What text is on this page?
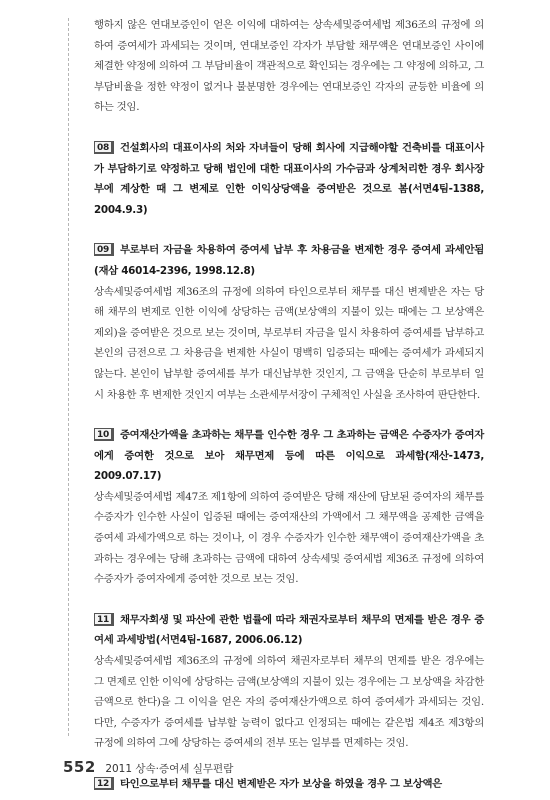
행하지 않은 연대보증인이 얻은 이익에 대하여는 상속세및증여세법 제36조의 규정에 의하여 증여세가 과세되는 것이며, 연대보증인 각자가 부담할 채무액은 연대보증인 사이에 체결한 약정에 의하여 그 부담비율이 객관적으로 확인되는 경우에는 그 약정에 의하고, 그 부담비율을 정한 약정이 없거나 불분명한 경우에는 연대보증인 각자의 균등한 비율에 의하는 것임.

08 건설회사의 대표이사의 처와 자녀들이 당해 회사에 지급해야할 건축비를 대표이사가 부담하기로 약정하고 당해 법인에 대한 대표이사의 가수금과 상계처리한 경우 회사장부에 계상한 때 그 변제로 인한 이익상당액을 증여받은 것으로 봄(서면4팀-1388, 2004.9.3)

09 부로부터 자금을 차용하여 증여세 납부 후 차용금을 변제한 경우 증여세 과세안됨(재삼 46014-2396, 1998.12.8)

상속세및증여세법 제36조의 규정에 의하여 타인으로부터 채무를 대신 변제받은 자는 당해 채무의 변제로 인한 이익에 상당하는 금액(보상액의 지불이 있는 때에는 그 보상액은 제외)을 증여받은 것으로 보는 것이며, 부로부터 자금을 일시 차용하여 증여세를 납부하고 본인의 금전으로 그 차용금을 변제한 사실이 명백히 입증되는 때에는 증여세가 과세되지 않는다. 본인이 납부할 증여세를 부가 대신납부한 것인지, 그 금액을 단순히 부로부터 일시 차용한 후 변제한 것인지 여부는 소관세무서장이 구체적인 사실을 조사하여 판단한다.

10 증여재산가액을 초과하는 채무를 인수한 경우 그 초과하는 금액은 수증자가 증여자에게 증여한 것으로 보아 채무면제 등에 따른 이익으로 과세함(재산-1473, 2009.07.17)

상속세및증여세법 제47조 제1항에 의하여 증여받은 당해 재산에 담보된 증여자의 채무를 수증자가 인수한 사실이 입증된 때에는 증여재산의 가액에서 그 채무액을 공제한 금액을 증여세 과세가액으로 하는 것이나, 이 경우 수증자가 인수한 채무액이 증여재산가액을 초과하는 경우에는 당해 초과하는 금액에 대하여 상속세및 증여세법 제36조 규정에 의하여 수증자가 증여자에게 증여한 것으로 보는 것임.

11 채무자회생 및 파산에 관한 법률에 따라 채권자로부터 채무의 면제를 받은 경우 증여세 과세방법(서면4팀-1687, 2006.06.12)

상속세및증여세법 제36조의 규정에 의하여 채권자로부터 채무의 면제를 받은 경우에는 그 면제로 인한 이익에 상당하는 금액(보상액의 지불이 있는 경우에는 그 보상액을 차감한 금액으로 한다)을 그 이익을 얻은 자의 증여재산가액으로 하여 증여세가 과세되는 것임. 다만, 수증자가 증여세를 납부할 능력이 없다고 인정되는 때에는 같은법 제4조 제3항의 규정에 의하여 그에 상당하는 증여세의 전부 또는 일부를 면제하는 것임.

12 타인으로부터 채무를 대신 변제받은 자가 보상을 하였을 경우 그 보상액은

552 2011 상속·증여세 실무편람
